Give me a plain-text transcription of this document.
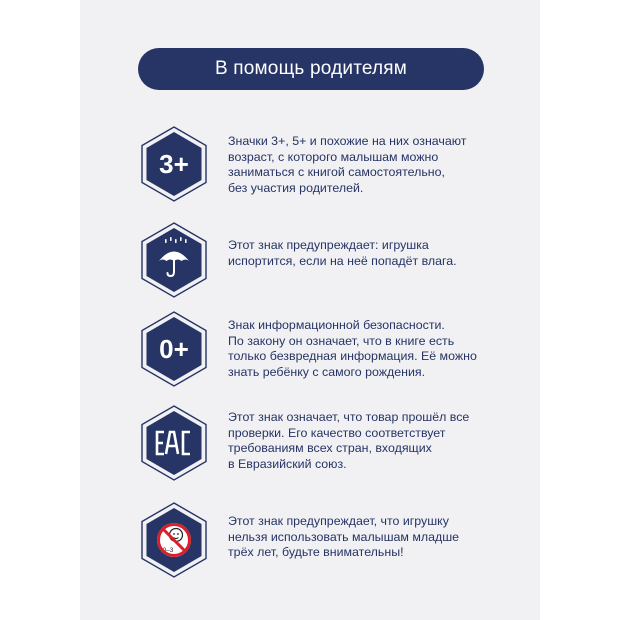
В помощь родителям
3+
Значки 3+, 5+ и похожие на них означают
возраст, с которого малышам можно
заниматься с книгой самостоятельно,
без участия родителей.
Этот знак предупреждает: игрушка
испортится, если на неё попадёт влага.
0+
Знак информационной безопасности.
По закону он означает, что в книге есть
только безвредная информация. Её можно
знать ребёнку с самого рождения.
Этот знак означает, что товар прошёл все
проверки. Его качество соответствует
требованиям всех стран, входящих
в Евразийский союз.
0–3
Этот знак предупреждает, что игрушку
нельзя использовать малышам младше
трёх лет, будьте внимательны!
